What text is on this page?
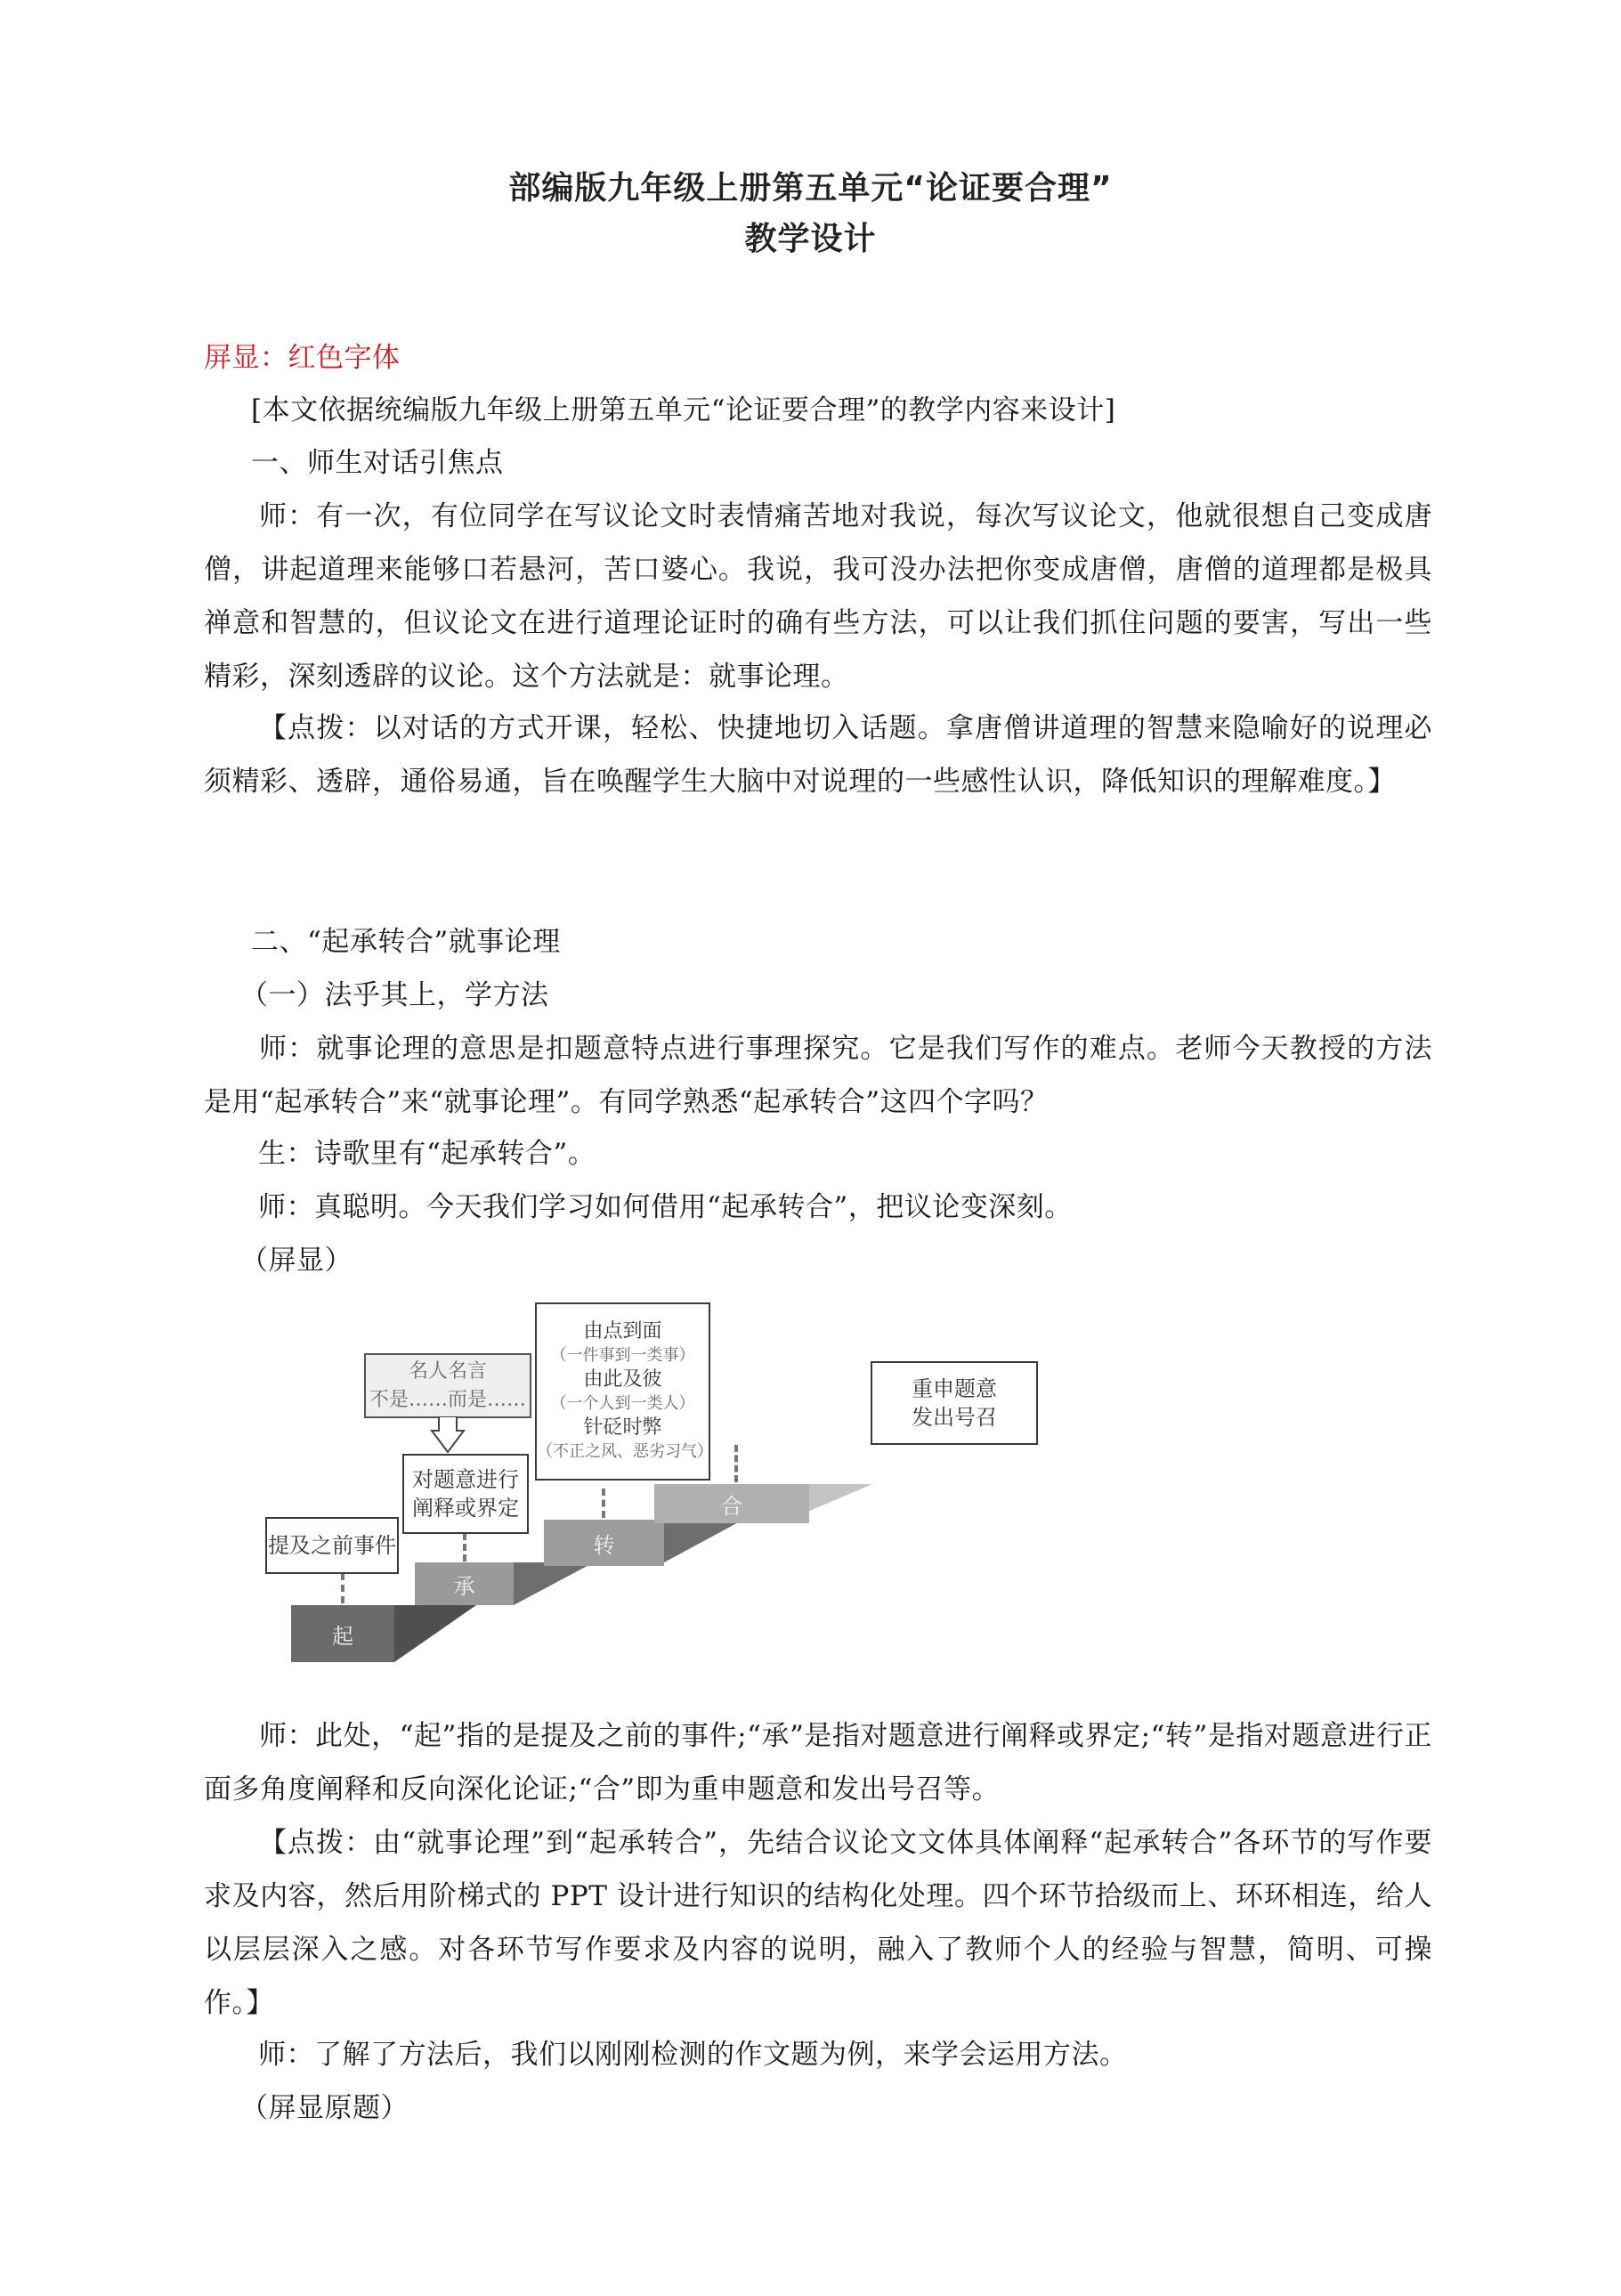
部编版九年级上册第五单元“论证要合理”
教学设计
屏显：红色字体
[本文依据统编版九年级上册第五单元“论证要合理”的教学内容来设计]
一、师生对话引焦点
师：有一次，有位同学在写议论文时表情痛苦地对我说，每次写议论文，他就很想自己变成唐僧，讲起道理来能够口若悬河，苦口婆心。我说，我可没办法把你变成唐僧，唐僧的道理都是极具禅意和智慧的，但议论文在进行道理论证时的确有些方法，可以让我们抓住问题的要害，写出一些精彩，深刻透辟的议论。这个方法就是：就事论理。
【点拨：以对话的方式开课，轻松、快捷地切入话题。拿唐僧讲道理的智慧来隐喻好的说理必须精彩、透辟，通俗易通，旨在唤醒学生大脑中对说理的一些感性认识，降低知识的理解难度。】
二、“起承转合”就事论理
（一）法乎其上，学方法
师：就事论理的意思是扣题意特点进行事理探究。它是我们写作的难点。老师今天教授的方法是用“起承转合”来“就事论理”。有同学熟悉“起承转合”这四个字吗？
生：诗歌里有“起承转合”。
师：真聪明。今天我们学习如何借用“起承转合”，把议论变深刻。
（屏显）
起
承
转
合
提及之前事件
名人名言
不是……而是……
对题意进行
阐释或界定
由点到面
（一件事到一类事）
由此及彼
（一个人到一类人）
针砭时弊
（不正之风、恶劣习气）
重申题意
发出号召
师：此处，“起”指的是提及之前的事件;“承”是指对题意进行阐释或界定;“转”是指对题意进行正面多角度阐释和反向深化论证;“合”即为重申题意和发出号召等。
【点拨：由“就事论理”到“起承转合”，先结合议论文文体具体阐释“起承转合”各环节的写作要求及内容，然后用阶梯式的 PPT 设计进行知识的结构化处理。四个环节拾级而上、环环相连，给人以层层深入之感。对各环节写作要求及内容的说明，融入了教师个人的经验与智慧，简明、可操作。】
师：了解了方法后，我们以刚刚检测的作文题为例，来学会运用方法。
（屏显原题）
